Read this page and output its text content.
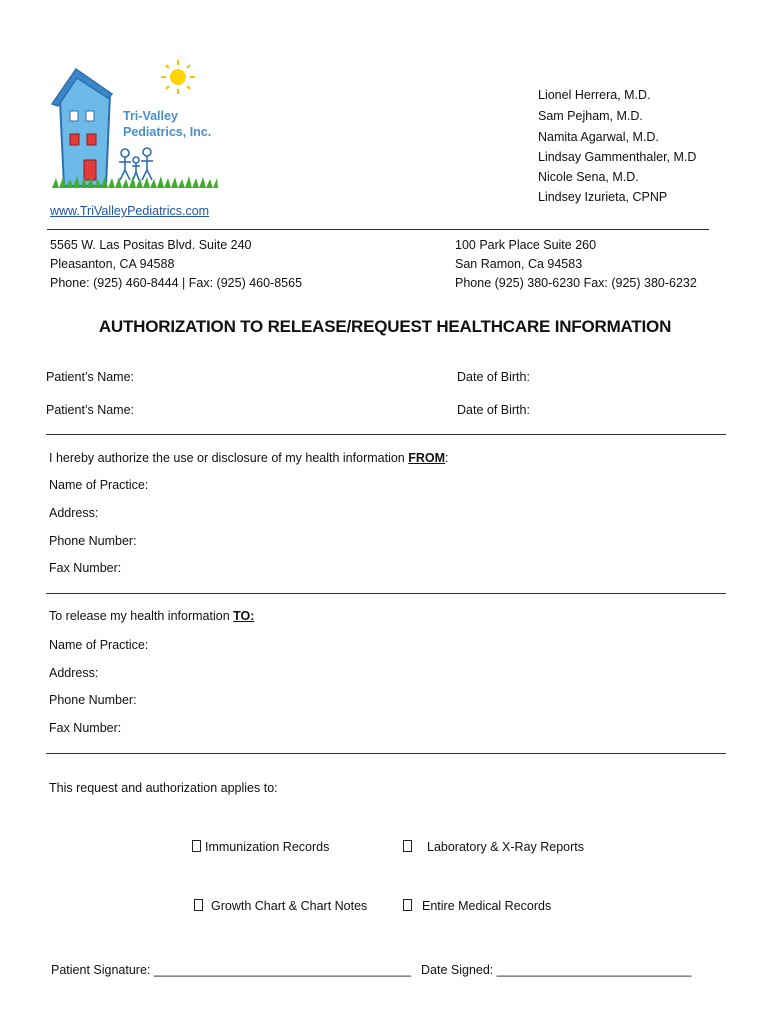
Tri-Valley
Pediatrics, Inc.
www.TriValleyPediatrics.com
Lionel Herrera, M.D.
Sam Pejham, M.D.
Namita Agarwal, M.D.
Lindsay Gammenthaler, M.D
Nicole Sena, M.D.
Lindsey Izurieta, CPNP
5565 W. Las Positas Blvd. Suite 240
Pleasanton, CA 94588
Phone: (925) 460-8444 | Fax: (925) 460-8565
100 Park Place Suite 260
San Ramon, Ca 94583
Phone (925) 380-6230 Fax: (925) 380-6232
AUTHORIZATION TO RELEASE/REQUEST HEALTHCARE INFORMATION
Patient’s Name:	Date of Birth:
Patient’s Name:	Date of Birth:
I hereby authorize the use or disclosure of my health information FROM:
Name of Practice:
Address:
Phone Number:
Fax Number:
To release my health information TO:
Name of Practice:
Address:
Phone Number:
Fax Number:
This request and authorization applies to:
Immunization Records	Laboratory & X-Ray Reports
Growth Chart & Chart Notes	Entire Medical Records
Patient Signature: _____________________________________ Date Signed: ____________________________
